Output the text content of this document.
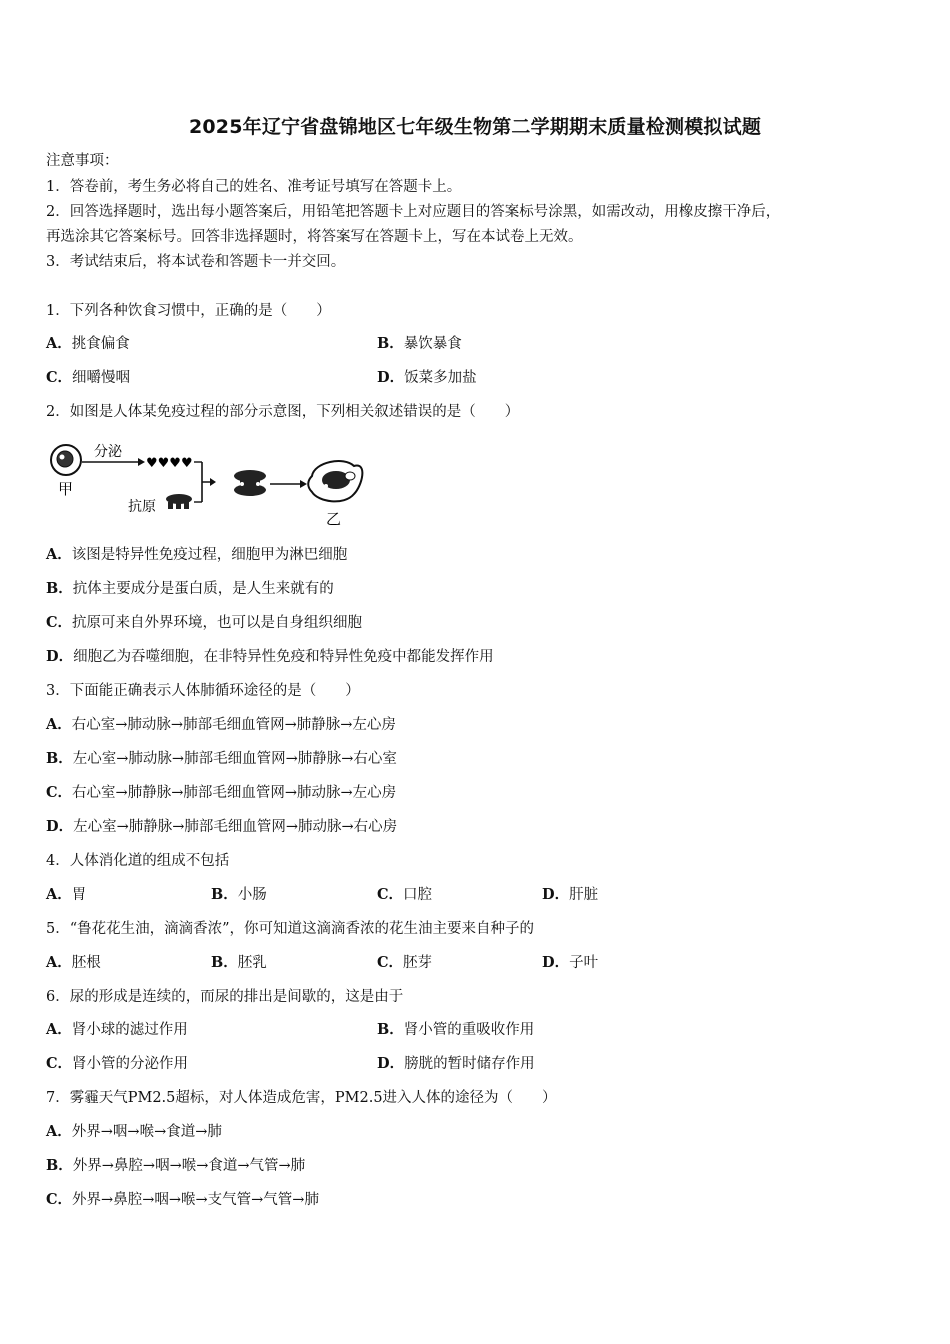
2025年辽宁省盘锦地区七年级生物第二学期期末质量检测模拟试题
注意事项：
1．答卷前，考生务必将自己的姓名、准考证号填写在答题卡上。
2．回答选择题时，选出每小题答案后，用铅笔把答题卡上对应题目的答案标号涂黑，如需改动，用橡皮擦干净后，
再选涂其它答案标号。回答非选择题时，将答案写在答题卡上，写在本试卷上无效。
3．考试结束后，将本试卷和答题卡一并交回。
1．下列各种饮食习惯中，正确的是（　　）
A．挑食偏食	B．暴饮暴食
C．细嚼慢咽	D．饭菜多加盐
2．如图是人体某免疫过程的部分示意图，下列相关叙述错误的是（　　）
甲
分泌
♥♥♥♥
抗原
乙
A．该图是特异性免疫过程，细胞甲为淋巴细胞
B．抗体主要成分是蛋白质，是人生来就有的
C．抗原可来自外界环境，也可以是自身组织细胞
D．细胞乙为吞噬细胞，在非特异性免疫和特异性免疫中都能发挥作用
3．下面能正确表示人体肺循环途径的是（　　）
A．右心室→肺动脉→肺部毛细血管网→肺静脉→左心房
B．左心室→肺动脉→肺部毛细血管网→肺静脉→右心室
C．右心室→肺静脉→肺部毛细血管网→肺动脉→左心房
D．左心室→肺静脉→肺部毛细血管网→肺动脉→右心房
4．人体消化道的组成不包括
A．胃	B．小肠	C．口腔	D．肝脏
5．“鲁花花生油，滴滴香浓”，你可知道这滴滴香浓的花生油主要来自种子的
A．胚根	B．胚乳	C．胚芽	D．子叶
6．尿的形成是连续的，而尿的排出是间歇的，这是由于
A．肾小球的滤过作用	B．肾小管的重吸收作用
C．肾小管的分泌作用	D．膀胱的暂时储存作用
7．雾霾天气PM2.5超标，对人体造成危害，PM2.5进入人体的途径为（　　）
A．外界→咽→喉→食道→肺
B．外界→鼻腔→咽→喉→食道→气管→肺
C．外界→鼻腔→咽→喉→支气管→气管→肺
